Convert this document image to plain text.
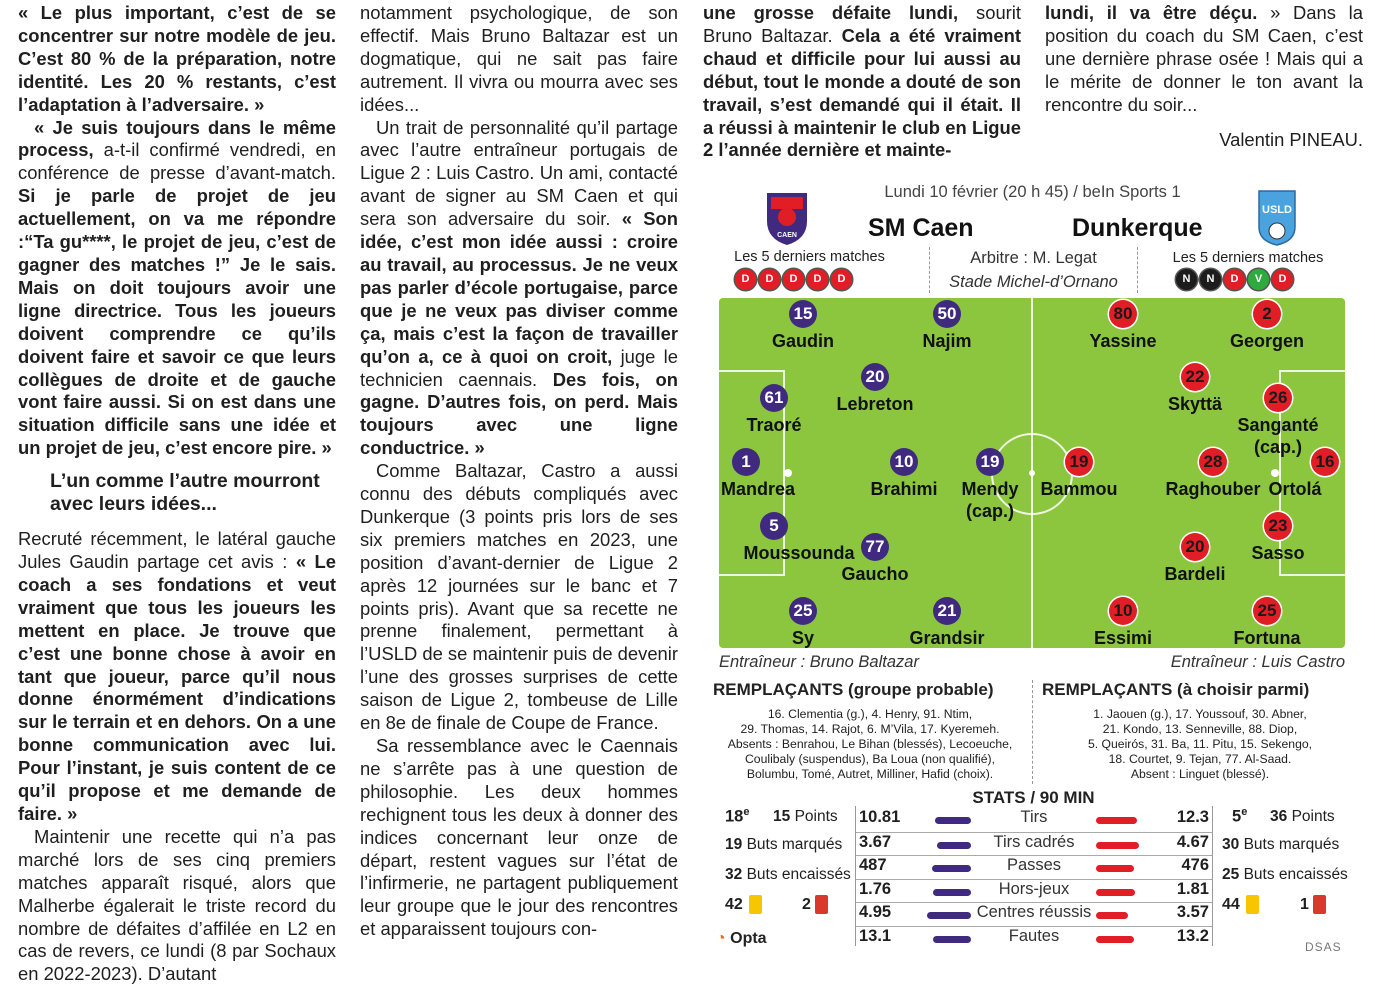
« Le plus important, c’est de se concentrer sur notre modèle de jeu. C’est 80 % de la préparation, notre identité. Les 20 % restants, c’est l’adaptation à l’adversaire. »

« Je suis toujours dans le même process, a-t-il confirmé vendredi, en conférence de presse d’avant-match. Si je parle de projet de jeu actuellement, on va me répondre :“Ta gu****, le projet de jeu, c’est de gagner des matches !” Je le sais. Mais on doit toujours avoir une ligne directrice. Tous les joueurs doivent comprendre ce qu’ils doivent faire et savoir ce que leurs collègues de droite et de gauche vont faire aussi. Si on est dans une situation difficile sans une idée et un projet de jeu, c’est encore pire. »

L’un comme l’autre mourront avec leurs idées...

Recruté récemment, le latéral gauche Jules Gaudin partage cet avis : « Le coach a ses fondations et veut vraiment que tous les joueurs les mettent en place. Je trouve que c’est une bonne chose à avoir en tant que joueur, parce qu’il nous donne énormément d’indications sur le terrain et en dehors. On a une bonne communication avec lui. Pour l’instant, je suis content de ce qu’il propose et me demande de faire. »

Maintenir une recette qui n’a pas marché lors de ses cinq premiers matches apparaît risqué, alors que Malherbe égalerait le triste record du nombre de défaites d’affilée en L2 en cas de revers, ce lundi (8 par Sochaux en 2022-2023). D’autant

notamment psychologique, de son effectif. Mais Bruno Baltazar est un dogmatique, qui ne sait pas faire autrement. Il vivra ou mourra avec ses idées...

Un trait de personnalité qu’il partage avec l’autre entraîneur portugais de Ligue 2 : Luis Castro. Un ami, contacté avant de signer au SM Caen et qui sera son adversaire du soir. « Son idée, c’est mon idée aussi : croire au travail, au processus. Je ne veux pas parler d’école portugaise, parce que je ne veux pas diviser comme ça, mais c’est la façon de travailler qu’on a, ce à quoi on croit, juge le technicien caennais. Des fois, on gagne. D’autres fois, on perd. Mais toujours avec une ligne conductrice. »

Comme Baltazar, Castro a aussi connu des débuts compliqués avec Dunkerque (3 points pris lors de ses six premiers matches en 2023, une position d’avant-dernier de Ligue 2 après 12 journées sur le banc et 7 points pris). Avant que sa recette ne prenne finalement, permettant à l’USLD de se maintenir puis de devenir l’une des grosses surprises de cette saison de Ligue 2, tombeuse de Lille en 8e de finale de Coupe de France.

Sa ressemblance avec le Caennais ne s’arrête pas à une question de philosophie. Les deux hommes rechignent tous les deux à donner des indices concernant leur onze de départ, restent vagues sur l’état de l’infirmerie, ne partagent publiquement leur groupe que le jour des rencontres et apparaissent toujours con-

une grosse défaite lundi, sourit Bruno Baltazar. Cela a été vraiment chaud et difficile pour lui aussi au début, tout le monde a douté de son travail, s’est demandé qui il était. Il a réussi à maintenir le club en Ligue 2 l’année dernière et mainte-

lundi, il va être déçu. » Dans la position du coach du SM Caen, c’est une dernière phrase osée ! Mais qui a le mérite de donner le ton avant la rencontre du soir...

Valentin PINEAU.

Lundi 10 février (20 h 45) / beIn Sports 1
CAEN
USLD
SM Caen	Dunkerque
Les 5 derniers matches
D D D D D
Les 5 derniers matches
N N D V D
Arbitre : M. Legat
Stade Michel-d’Ornano
15
Gaudin
50
Najim
20
Lebreton
61
Traoré
1
Mandrea
10
Brahimi
19
Mendy (cap.)
5
Moussounda 77
Gaucho
25
Sy
21
Grandsir
80
Yassine
2
Georgen
22
Skyttä	26
Sanganté (cap.)
19
Bammou
28
Raghouber
16
Ortolá
23
Sasso
20
Bardeli
10
Essimi
25
Fortuna
Entraîneur : Bruno Baltazar	Entraîneur : Luis Castro
REMPLAÇANTS (groupe probable)
16. Clementia (g.), 4. Henry, 91. Ntim,
29. Thomas, 14. Rajot, 6. M’Vila, 17. Kyeremeh.
Absents : Benrahou, Le Bihan (blessés), Lecoeuche,
Coulibaly (suspendus), Ba Loua (non qualifié),
Bolumbu, Tomé, Autret, Milliner, Hafid (choix).
REMPLAÇANTS (à choisir parmi)
1. Jaouen (g.), 17. Youssouf, 30. Abner,
21. Kondo, 13. Senneville, 88. Diop,
5. Queirós, 31. Ba, 11. Pitu, 15. Sekengo,
18. Courtet, 9. Tejan, 77. Al-Saad.
Absent : Linguet (blessé).
STATS / 90 MIN
18e 15 Points
19 Buts marqués
32 Buts encaissés
42	2
5e 36 Points
30 Buts marqués
25 Buts encaissés
44	1
10.81	Tirs	12.3
3.67	Tirs cadrés	4.67
487	Passes	476
1.76	Hors-jeux	1.81
4.95	Centres réussis	3.57
13.1	Fautes	13.2
◔ Opta	DSAS
